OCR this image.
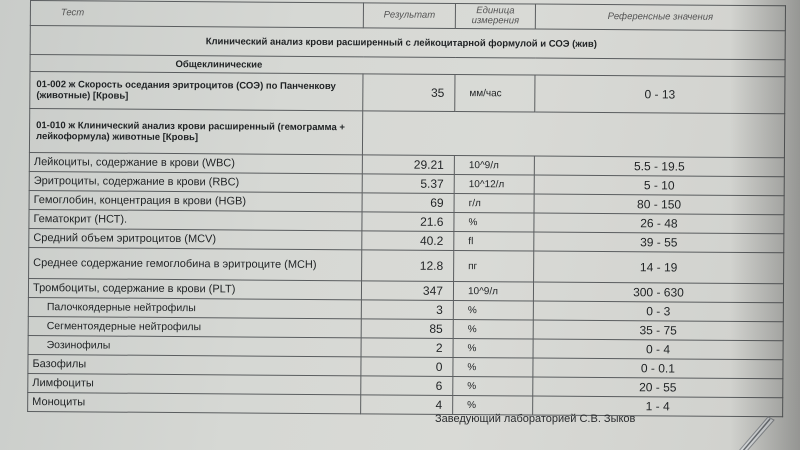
Тест	Результат	Единица измерения	Референсные значения
Клинический анализ крови расширенный с лейкоцитарной формулой и СОЭ (жив)			
Общеклинические			
01-002 ж Скорость оседания эритроцитов (СОЭ) по Панченкову (животные) [Кровь]	35	мм/час	0 - 13
01-010 ж Клинический анализ крови расширенный (гемограмма + лейкоформула) животные [Кровь]			
Лейкоциты, содержание в крови (WBC)	29.21	10^9/л	5.5 - 19.5
Эритроциты, содержание в крови (RBC)	5.37	10^12/л	5 - 10
Гемоглобин, концентрация в крови (HGB)	69	г/л	80 - 150
Гематокрит (НСТ).	21.6	%	26 - 48
Средний объем эритроцитов (MCV)	40.2	fl	39 - 55
Среднее содержание гемоглобина в эритроците (МСН)	12.8	пг	14 - 19
Тромбоциты, содержание в крови (PLT)	347	10^9/л	300 - 630
Палочкоядерные нейтрофилы	3	%	0 - 3
Сегментоядерные нейтрофилы	85	%	35 - 75
Эозинофилы	2	%	0 - 4
Базофилы	0	%	0 - 0.1
Лимфоциты	6	%	20 - 55
Моноциты	4	%	1 - 4
Заведующий лабораторией С.В. Зыков
